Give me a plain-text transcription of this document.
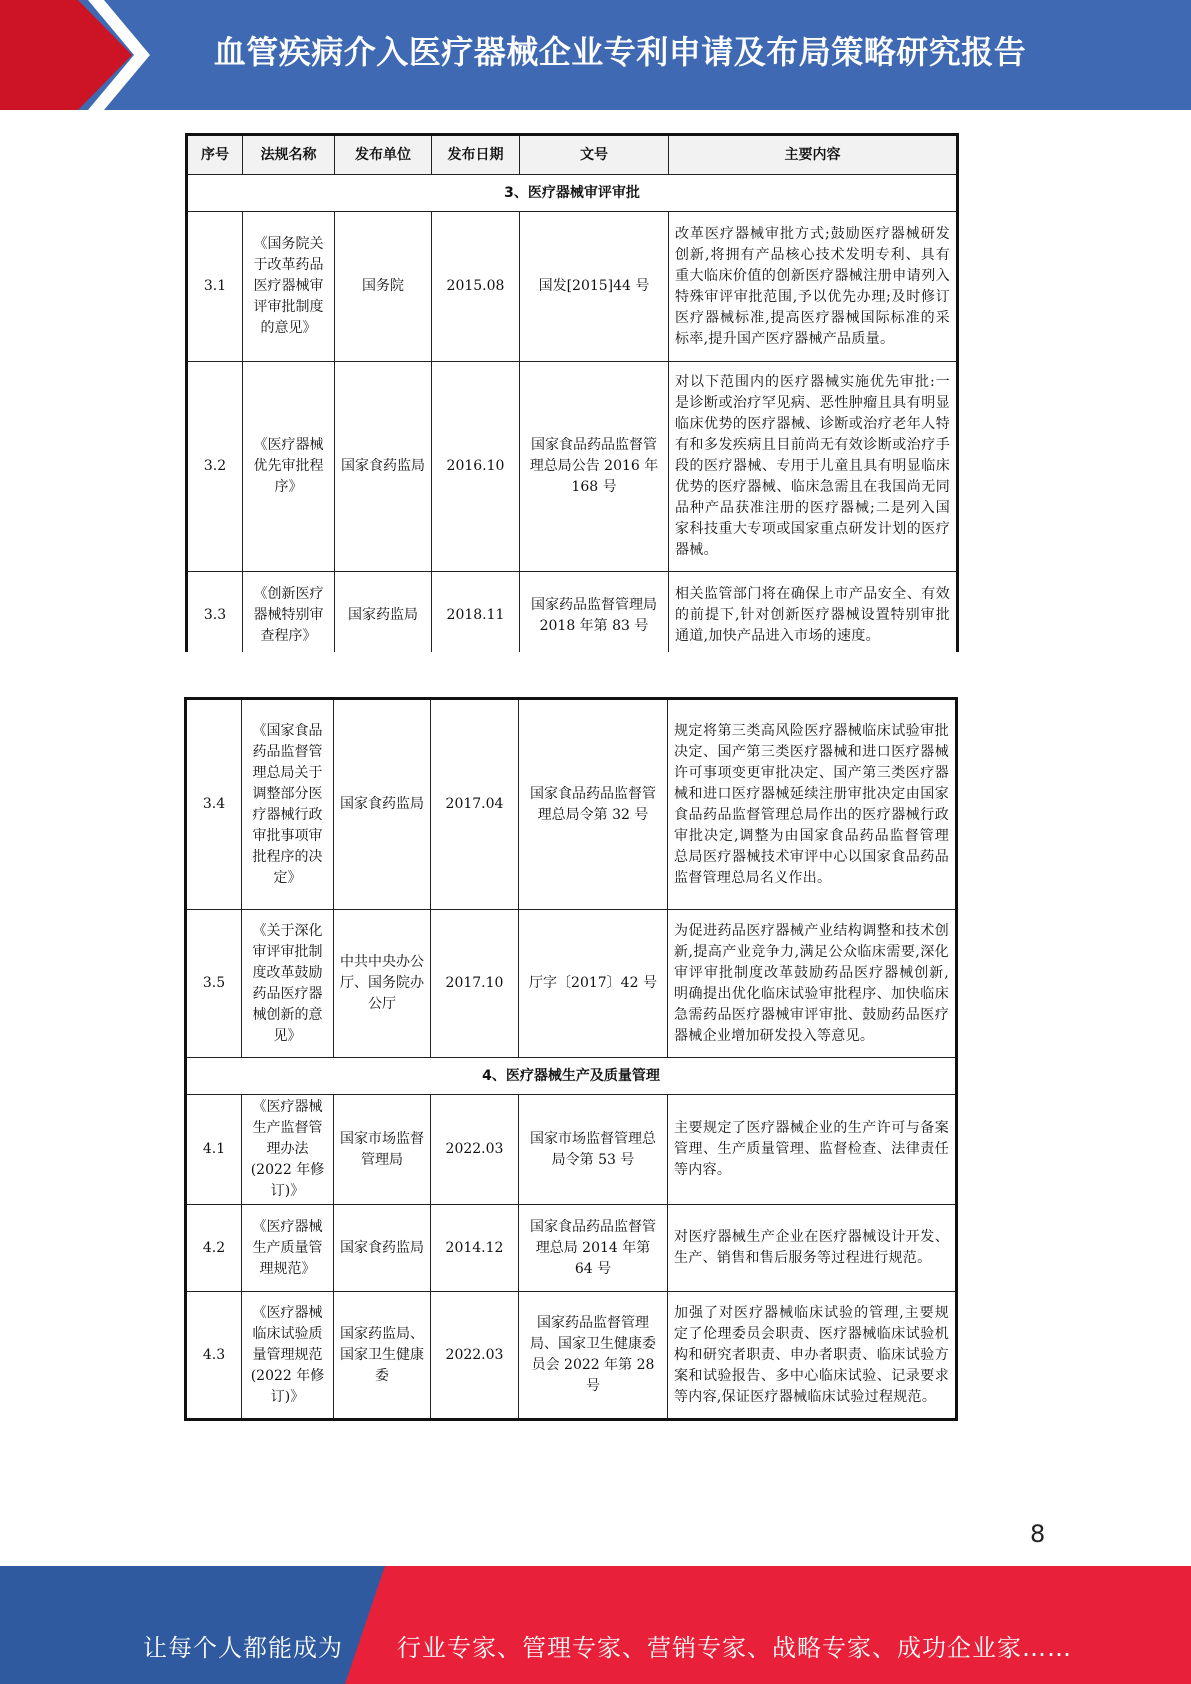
血管疾病介入医疗器械企业专利申请及布局策略研究报告
序号	法规名称	发布单位	发布日期	文号	主要内容
3、医疗器械审评审批					
3.1	《国务院关于改革药品医疗器械审评审批制度的意见》	国务院	2015.08	国发[2015]44 号	改革医疗器械审批方式;鼓励医疗器械研发创新,将拥有产品核心技术发明专利、具有重大临床价值的创新医疗器械注册申请列入特殊审评审批范围,予以优先办理;及时修订医疗器械标准,提高医疗器械国际标准的采标率,提升国产医疗器械产品质量。
3.2	《医疗器械优先审批程序》	国家食药监局	2016.10	国家食品药品监督管理总局公告 2016 年 168 号	对以下范围内的医疗器械实施优先审批:一是诊断或治疗罕见病、恶性肿瘤且具有明显临床优势的医疗器械、诊断或治疗老年人特有和多发疾病且目前尚无有效诊断或治疗手段的医疗器械、专用于儿童且具有明显临床优势的医疗器械、临床急需且在我国尚无同品种产品获准注册的医疗器械;二是列入国家科技重大专项或国家重点研发计划的医疗器械。
3.3	《创新医疗器械特别审查程序》	国家药监局	2018.11	国家药品监督管理局 2018 年第 83 号	相关监管部门将在确保上市产品安全、有效的前提下,针对创新医疗器械设置特别审批通道,加快产品进入市场的速度。
3.4	《国家食品药品监督管理总局关于调整部分医疗器械行政审批事项审批程序的决定》	国家食药监局	2017.04	国家食品药品监督管理总局令第 32 号	规定将第三类高风险医疗器械临床试验审批决定、国产第三类医疗器械和进口医疗器械许可事项变更审批决定、国产第三类医疗器械和进口医疗器械延续注册审批决定由国家食品药品监督管理总局作出的医疗器械行政审批决定,调整为由国家食品药品监督管理总局医疗器械技术审评中心以国家食品药品监督管理总局名义作出。
3.5	《关于深化审评审批制度改革鼓励药品医疗器械创新的意见》	中共中央办公厅、国务院办公厅	2017.10	厅字〔2017〕42 号	为促进药品医疗器械产业结构调整和技术创新,提高产业竞争力,满足公众临床需要,深化审评审批制度改革鼓励药品医疗器械创新,明确提出优化临床试验审批程序、加快临床急需药品医疗器械审评审批、鼓励药品医疗器械企业增加研发投入等意见。
4、医疗器械生产及质量管理					
4.1	《医疗器械生产监督管理办法(2022 年修订)》	国家市场监督管理局	2022.03	国家市场监督管理总局令第 53 号	主要规定了医疗器械企业的生产许可与备案管理、生产质量管理、监督检查、法律责任等内容。
4.2	《医疗器械生产质量管理规范》	国家食药监局	2014.12	国家食品药品监督管理总局 2014 年第 64 号	对医疗器械生产企业在医疗器械设计开发、生产、销售和售后服务等过程进行规范。
4.3	《医疗器械临床试验质量管理规范(2022 年修订)》	国家药监局、国家卫生健康委	2022.03	国家药品监督管理局、国家卫生健康委员会 2022 年第 28 号	加强了对医疗器械临床试验的管理,主要规定了伦理委员会职责、医疗器械临床试验机构和研究者职责、申办者职责、临床试验方案和试验报告、多中心临床试验、记录要求等内容,保证医疗器械临床试验过程规范。
8
让每个人都能成为 行业专家、管理专家、营销专家、战略专家、成功企业家……
